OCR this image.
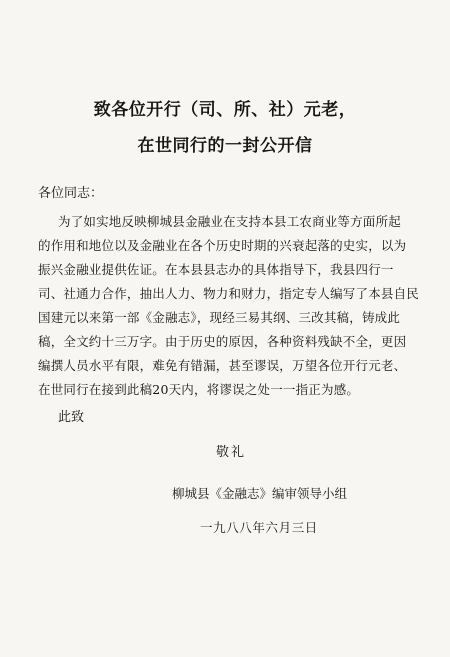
致各位开行（司、所、社）元老，
在世同行的一封公开信
各位同志：
为了如实地反映柳城县金融业在支持本县工农商业等方面所起
的作用和地位以及金融业在各个历史时期的兴衰起落的史实，以为
振兴金融业提供佐证。在本县县志办的具体指导下，我县四行一
司、社通力合作，抽出人力、物力和财力，指定专人编写了本县自民
国建元以来第一部《金融志》，现经三易其纲、三改其稿，铸成此
稿，全文约十三万字。由于历史的原因，各种资料残缺不全，更因
编撰人员水平有限，难免有错漏，甚至谬误，万望各位开行元老、
在世同行在接到此稿20天内，将谬误之处一一指正为感。
此致
敬礼
柳城县《金融志》编审领导小组
一九八八年六月三日
